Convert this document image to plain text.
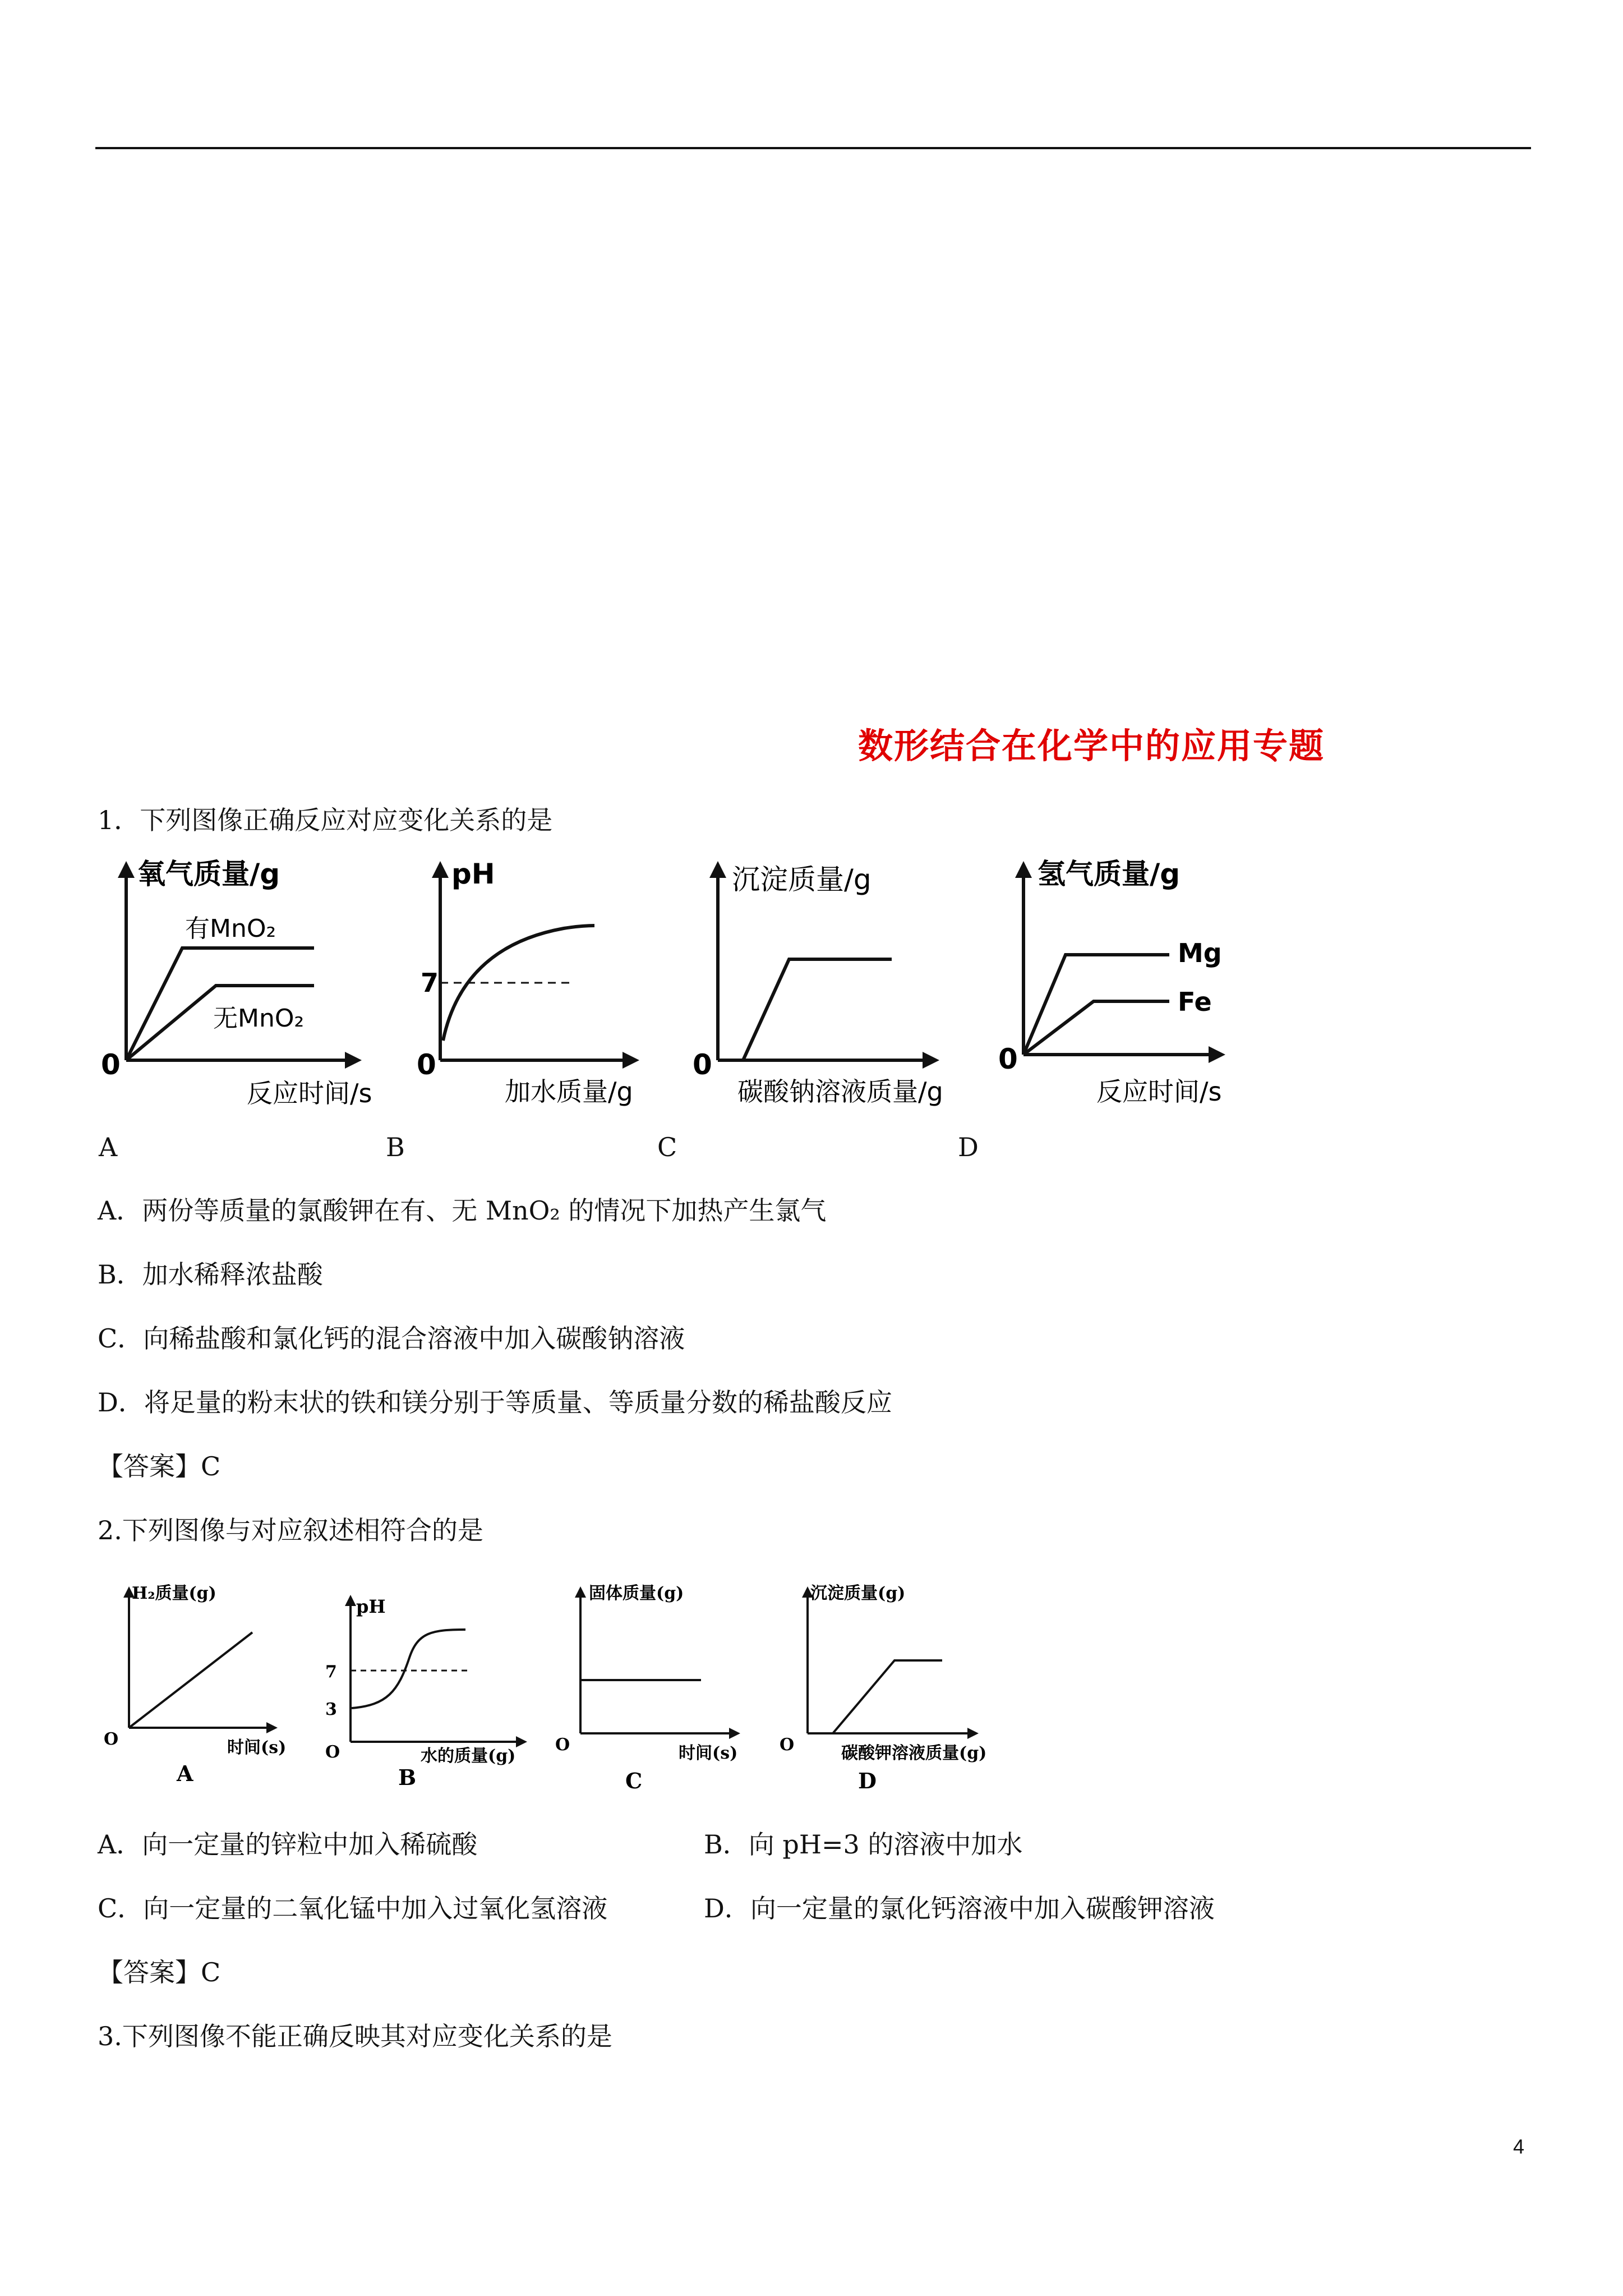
数形结合在化学中的应用专题
1．下列图像正确反应对应变化关系的是
氧气质量/g
0
反应时间/s
有MnO₂
无MnO₂
pH
7
0
加水质量/g
沉淀质量/g
0
碳酸钠溶液质量/g
氢气质量/g
0
反应时间/s
Mg
Fe
A	B	C	D
A．两份等质量的氯酸钾在有、无 MnO₂ 的情况下加热产生氯气
B．加水稀释浓盐酸
C．向稀盐酸和氯化钙的混合溶液中加入碳酸钠溶液
D．将足量的粉末状的铁和镁分别于等质量、等质量分数的稀盐酸反应
【答案】C
2.下列图像与对应叙述相符合的是
H₂质量(g)
O	时间(s)
A
pH
7
3
O	水的质量(g)
B
固体质量(g)
O	时间(s)
C
沉淀质量(g)
O	碳酸钾溶液质量(g)
D
A．向一定量的锌粒中加入稀硫酸	B．向 pH=3 的溶液中加水
C．向一定量的二氧化锰中加入过氧化氢溶液	D．向一定量的氯化钙溶液中加入碳酸钾溶液
【答案】C
3.下列图像不能正确反映其对应变化关系的是
4
